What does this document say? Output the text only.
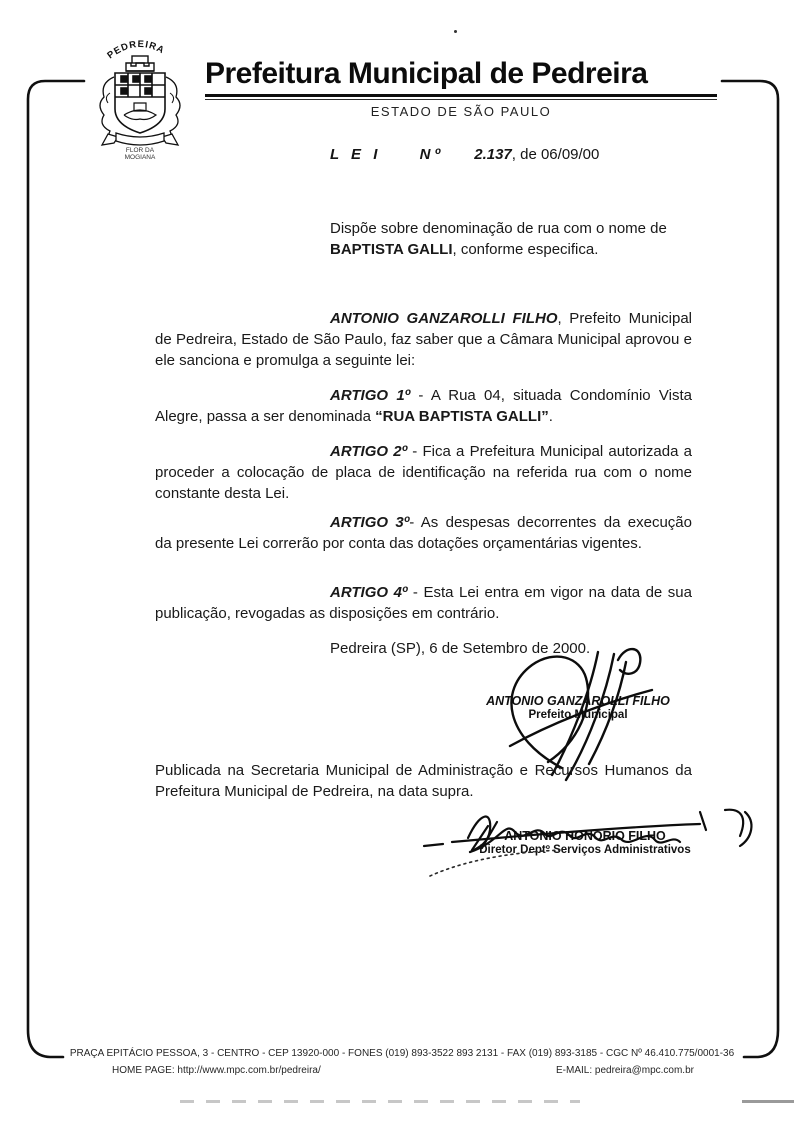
PEDREIRA
FLOR DA
MOGIANA
Prefeitura Municipal de Pedreira
ESTADO DE SÃO PAULO
L E I	N º 2.137, de 06/09/00
Dispõe sobre denominação de rua com o nome de BAPTISTA GALLI, conforme especifica.
ANTONIO GANZAROLLI FILHO, Prefeito Municipal de Pedreira, Estado de São Paulo, faz saber que a Câmara Municipal aprovou e ele sanciona e promulga a seguinte lei:
ARTIGO 1º - A Rua 04, situada Condomínio Vista Alegre, passa a ser denominada “RUA BAPTISTA GALLI”.
ARTIGO 2º - Fica a Prefeitura Municipal autorizada a proceder a colocação de placa de identificação na referida rua com o nome constante desta Lei.
ARTIGO 3º- As despesas decorrentes da execução da presente Lei correrão por conta das dotações orçamentárias vigentes.
ARTIGO 4º - Esta Lei entra em vigor na data de sua publicação, revogadas as disposições em contrário.
Pedreira (SP), 6 de Setembro de 2000.
ANTONIO GANZAROLLI FILHO
Prefeito Municipal
Publicada na Secretaria Municipal de Administração e Recursos Humanos da Prefeitura Municipal de Pedreira, na data supra.
ANTONIO HONORIO FILHO
Diretor Deptº Serviços Administrativos
PRAÇA EPITÁCIO PESSOA, 3 - CENTRO - CEP 13920-000 - FONES (019) 893-3522 893 2131 - FAX (019) 893-3185 - CGC Nº 46.410.775/0001-36
HOME PAGE: http://www.mpc.com.br/pedreira/	E-MAIL: pedreira@mpc.com.br
